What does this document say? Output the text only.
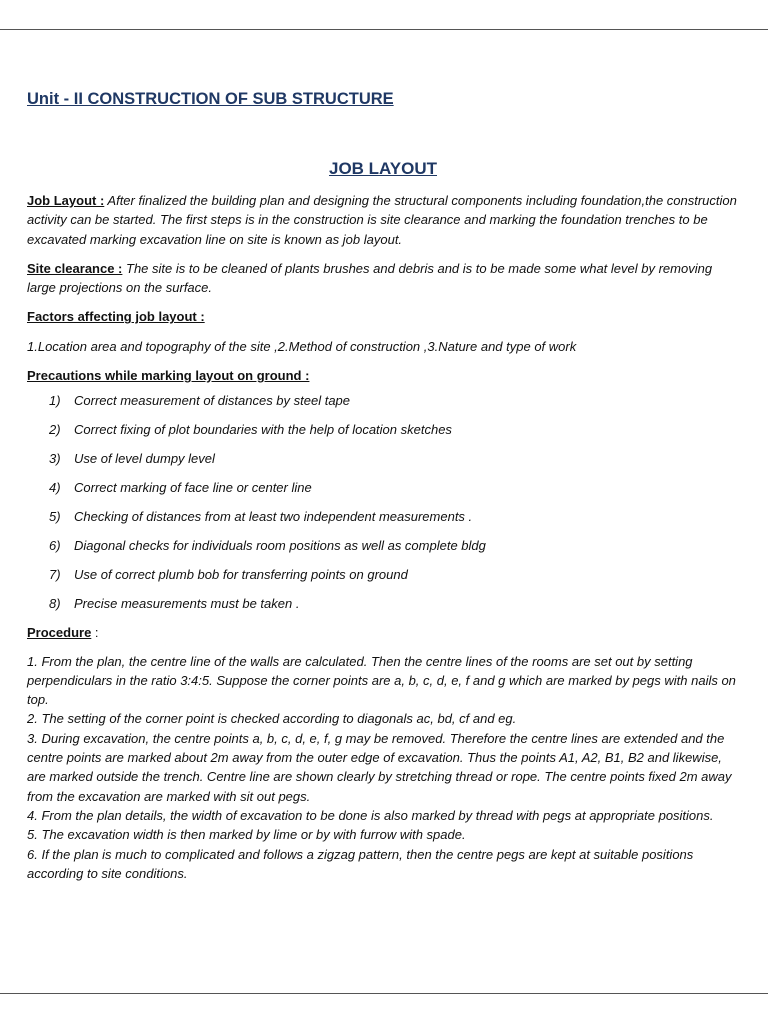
Unit - II CONSTRUCTION OF SUB STRUCTURE
JOB LAYOUT

Job Layout : After finalized the building plan and designing the structural components including foundation,the construction activity can be started. The first steps is in the construction is site clearance and marking the foundation trenches to be excavated marking excavation line on site is known as job layout.

Site clearance : The site is to be cleaned of plants brushes and debris and is to be made some what level by removing large projections on the surface.

Factors affecting job layout :

1.Location area and topography of the site ,2.Method of construction ,3.Nature and type of work

Precautions while marking layout on ground :

1) Correct measurement of distances by steel tape
2) Correct fixing of plot boundaries with the help of location sketches
3) Use of level dumpy level
4) Correct marking of face line or center line
5) Checking of distances from at least two independent measurements .
6) Diagonal checks for individuals room positions as well as complete bldg
7) Use of correct plumb bob for transferring points on ground
8) Precise measurements must be taken .

Procedure :

1. From the plan, the centre line of the walls are calculated. Then the centre lines of the rooms are set out by setting perpendiculars in the ratio 3:4:5. Suppose the corner points are a, b, c, d, e, f and g which are marked by pegs with nails on top.

2. The setting of the corner point is checked according to diagonals ac, bd, cf and eg.

3. During excavation, the centre points a, b, c, d, e, f, g may be removed. Therefore the centre lines are extended and the centre points are marked about 2m away from the outer edge of excavation. Thus the points A1, A2, B1, B2 and likewise, are marked outside the trench. Centre line are shown clearly by stretching thread or rope. The centre points fixed 2m away from the excavation are marked with sit out pegs.

4. From the plan details, the width of excavation to be done is also marked by thread with pegs at appropriate positions.

5. The excavation width is then marked by lime or by with furrow with spade.

6. If the plan is much to complicated and follows a zigzag pattern, then the centre pegs are kept at suitable positions according to site conditions.
